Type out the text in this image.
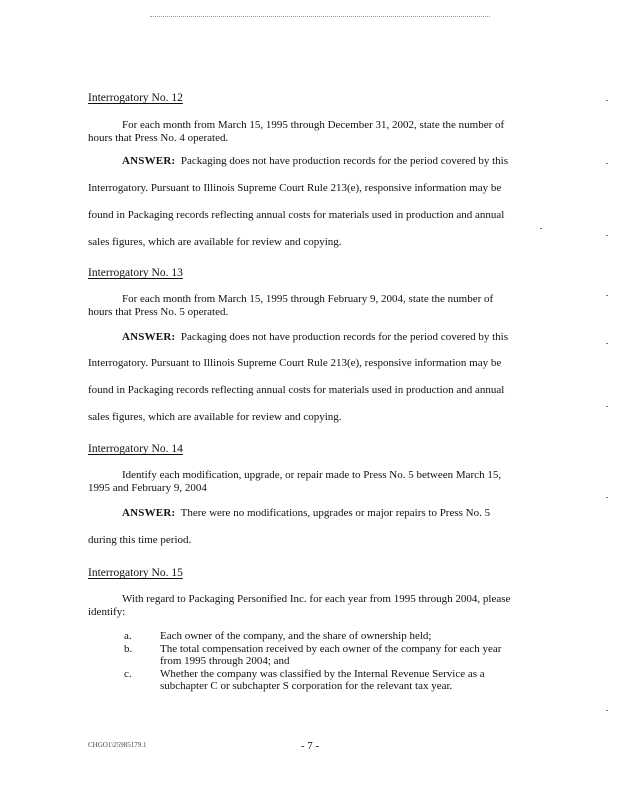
Interrogatory No. 12
For each month from March 15, 1995 through December 31, 2002, state the number of
hours that Press No. 4 operated.
ANSWER: Packaging does not have production records for the period covered by this
Interrogatory. Pursuant to Illinois Supreme Court Rule 213(e), responsive information may be
found in Packaging records reflecting annual costs for materials used in production and annual
sales figures, which are available for review and copying.
Interrogatory No. 13
For each month from March 15, 1995 through February 9, 2004, state the number of
hours that Press No. 5 operated.
ANSWER: Packaging does not have production records for the period covered by this
Interrogatory. Pursuant to Illinois Supreme Court Rule 213(e), responsive information may be
found in Packaging records reflecting annual costs for materials used in production and annual
sales figures, which are available for review and copying.
Interrogatory No. 14
Identify each modification, upgrade, or repair made to Press No. 5 between March 15,
1995 and February 9, 2004
ANSWER: There were no modifications, upgrades or major repairs to Press No. 5
during this time period.
Interrogatory No. 15
With regard to Packaging Personified Inc. for each year from 1995 through 2004, please
identify:
a.	Each owner of the company, and the share of ownership held;
b.	The total compensation received by each owner of the company for each year from 1995 through 2004; and
c.	Whether the company was classified by the Internal Revenue Service as a subchapter C or subchapter S corporation for the relevant tax year.
CHGO1\25985179.1	- 7 -
